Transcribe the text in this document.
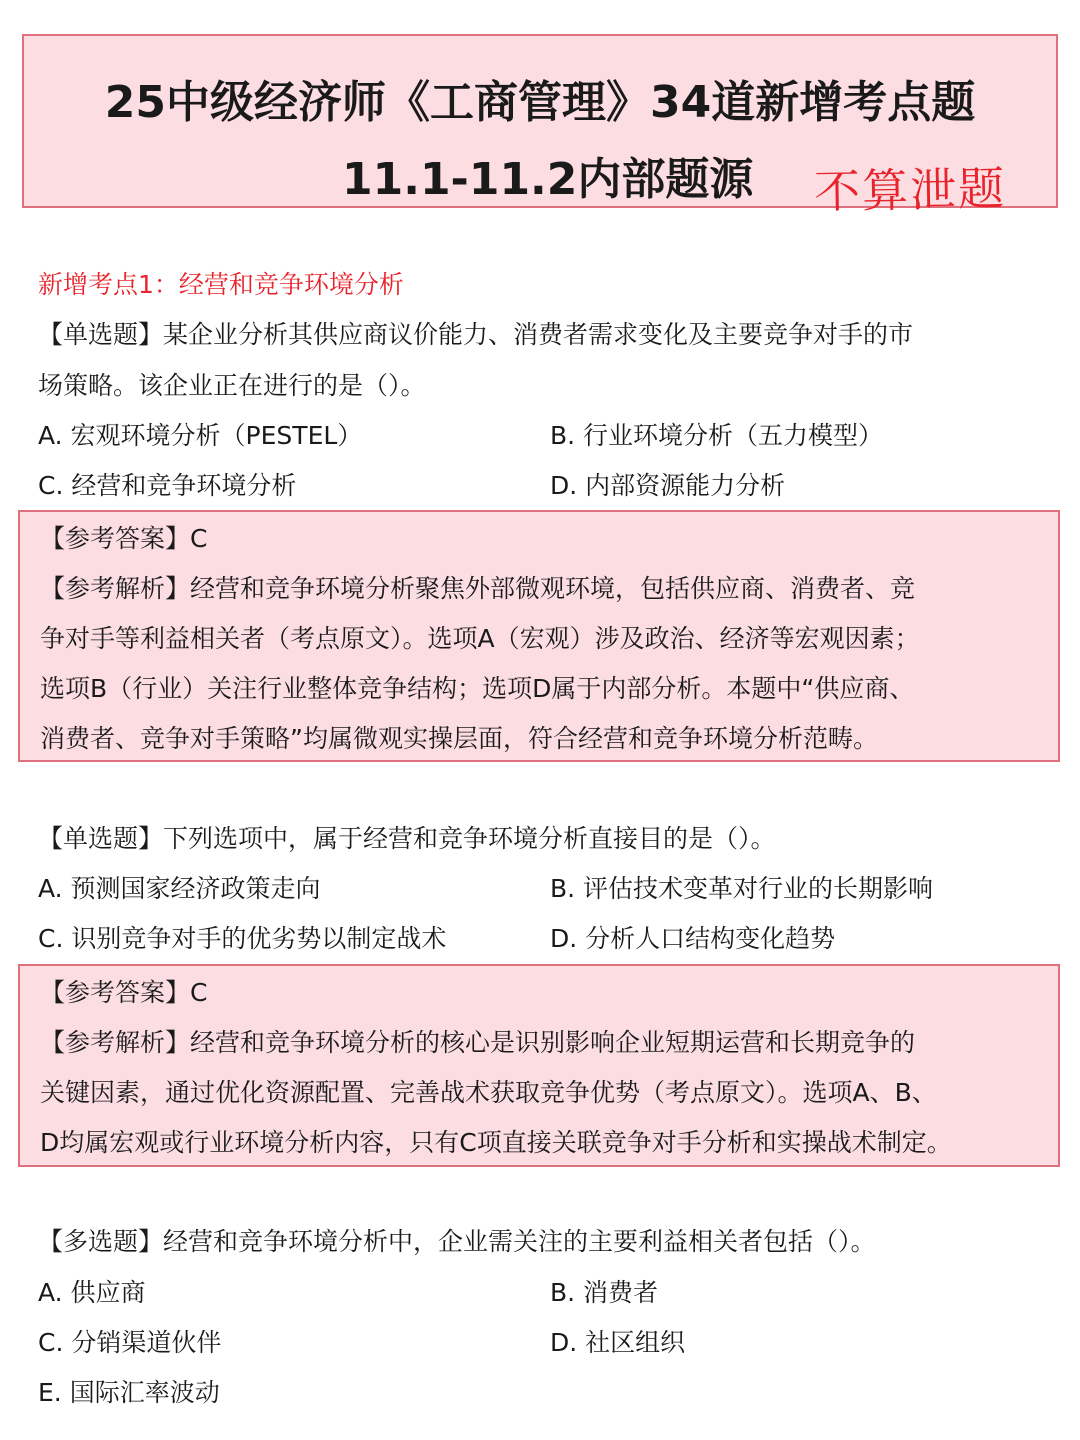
25中级经济师《工商管理》34道新增考点题
11.1-11.2内部题源 不算泄题
新增考点1：经营和竞争环境分析
【单选题】某企业分析其供应商议价能力、消费者需求变化及主要竞争对手的市
场策略。该企业正在进行的是（）。
A. 宏观环境分析（PESTEL）	B. 行业环境分析（五力模型）
C. 经营和竞争环境分析	D. 内部资源能力分析
【参考答案】C
【参考解析】经营和竞争环境分析聚焦外部微观环境，包括供应商、消费者、竞
争对手等利益相关者（考点原文）。选项A（宏观）涉及政治、经济等宏观因素；
选项B（行业）关注行业整体竞争结构；选项D属于内部分析。本题中“供应商、
消费者、竞争对手策略”均属微观实操层面，符合经营和竞争环境分析范畴。
【单选题】下列选项中，属于经营和竞争环境分析直接目的是（）。
A. 预测国家经济政策走向	B. 评估技术变革对行业的长期影响
C. 识别竞争对手的优劣势以制定战术	D. 分析人口结构变化趋势
【参考答案】C
【参考解析】经营和竞争环境分析的核心是识别影响企业短期运营和长期竞争的
关键因素，通过优化资源配置、完善战术获取竞争优势（考点原文）。选项A、B、
D均属宏观或行业环境分析内容，只有C项直接关联竞争对手分析和实操战术制定。
【多选题】经营和竞争环境分析中，企业需关注的主要利益相关者包括（）。
A. 供应商	B. 消费者
C. 分销渠道伙伴	D. 社区组织
E. 国际汇率波动
